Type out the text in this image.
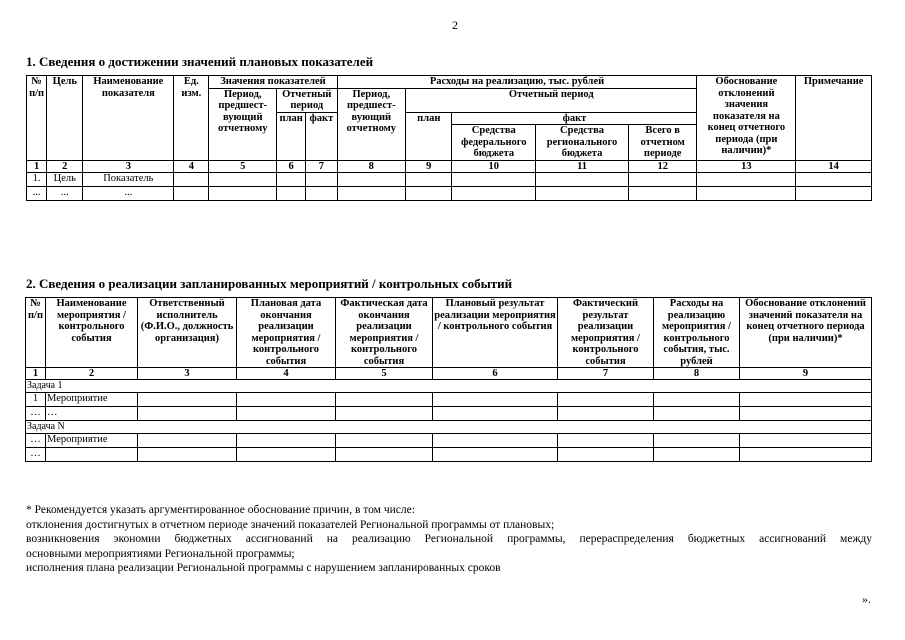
2
1. Сведения о достижении значений плановых показателей
№ п/п	Цель	Наименование показателя	Ед. изм.	Значения показателей			Расходы на реализацию, тыс. рублей					Обоснование отклонений значения показателя на конец отчетного периода (при наличии)*	Примечание
				Период, предшест- вующий отчетному	Отчетный период		Период, предшест- вующий отчетному	Отчетный период					
					план	факт		план	факт				
									Средства федерального бюджета	Средства регионального бюджета	Всего в отчетном периоде		
1	2	3	4	5	6	7	8	9	10	11	12	13	14
1.	Цель	Показатель											
...	...	...											
2. Сведения о реализации запланированных мероприятий / контрольных событий
№ п/п	Наименование мероприятия / контрольного события	Ответственный исполнитель (Ф.И.О., должность организация)	Плановая дата окончания реализации мероприятия / контрольного события	Фактическая дата окончания реализации мероприятия / контрольного события	Плановый результат реализации мероприятия / контрольного события	Фактический результат реализации мероприятия / контрольного события	Расходы на реализацию мероприятия / контрольного события, тыс. рублей	Обоснование отклонений значений показателя на конец отчетного периода (при наличии)*
1	2	3	4	5	6	7	8	9
Задача 1								
1	Мероприятие							
…	…							
Задача N								
…	Мероприятие							
…								

* Рекомендуется указать аргументированное обоснование причин, в том числе:

отклонения достигнутых в отчетном периоде значений показателей Региональной программы от плановых;

возникновения экономии бюджетных ассигнований на реализацию Региональной программы, перераспределения бюджетных ассигнований между

основными мероприятиями Региональной программы;

исполнения плана реализации Региональной программы с нарушением запланированных сроков

».
